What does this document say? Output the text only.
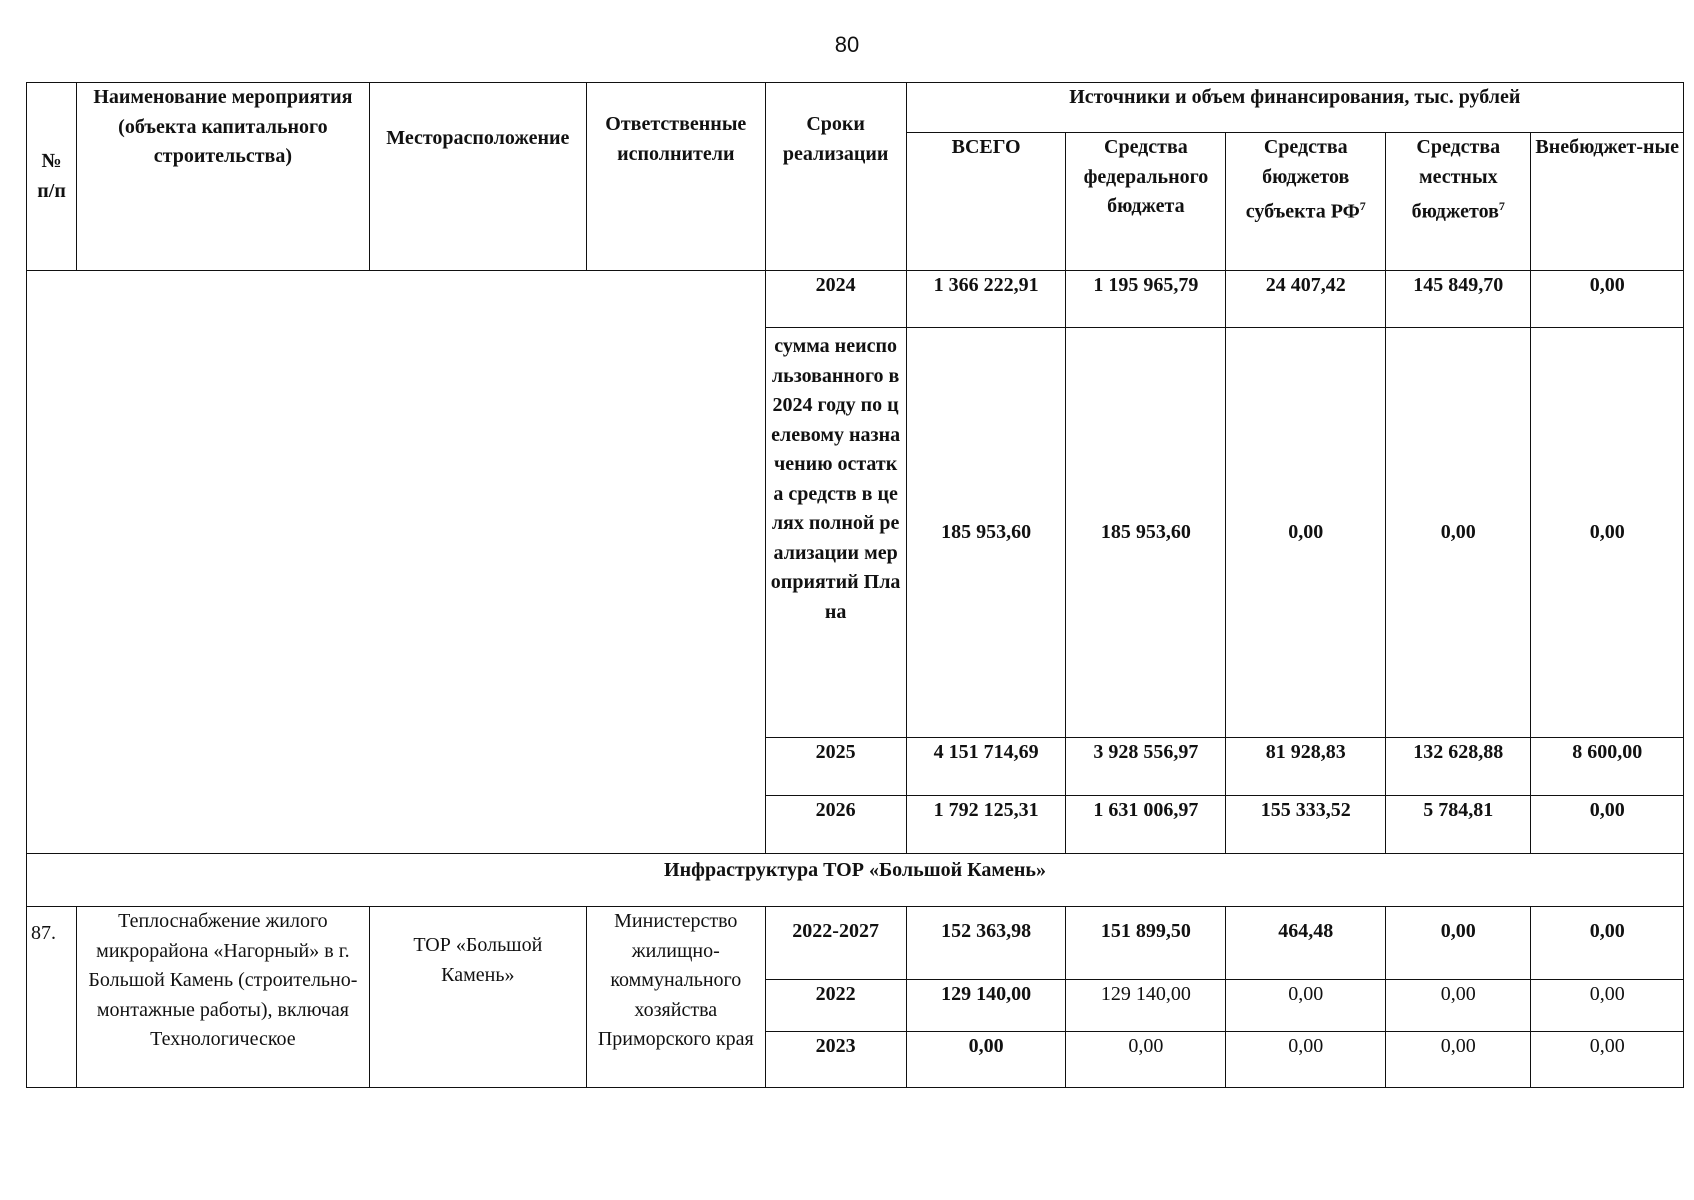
80
№ п/п	Наименование мероприятия (объекта капитального строительства)	Месторасположение	Ответственные исполнители	Сроки реализации	Источники и объем финансирования, тыс. рублей				
					ВСЕГО	Средства федерального бюджета	Средства бюджетов субъекта $РФ^7$	Средства местных бюджетов$^7$	Внебюджет-ные
				2024	1 366 222,91	1 195 965,79	24 407,42	145 849,70	0,00
				сумма неиспользованного в 2024 году по целевому назначению остатка средств в целях полной реализации мероприятий Плана	185 953,60	185 953,60	0,00	0,00	0,00
				2025	4 151 714,69	3 928 556,97	81 928,83	132 628,88	8 600,00
				2026	1 792 125,31	1 631 006,97	155 333,52	5 784,81	0,00
Инфраструктура ТОР «Большой Камень»									
87.	Теплоснабжение жилого микрорайона «Нагорный» в г. Большой Камень (строительно-монтажные работы), включая Технологическое	ТОР «Большой Камень»	Министерство жилищно-коммунального хозяйства Приморского края	2022-2027	152 363,98	151 899,50	464,48	0,00	0,00
				2022	129 140,00	129 140,00	0,00	0,00	0,00
				2023	0,00	0,00	0,00	0,00	0,00
